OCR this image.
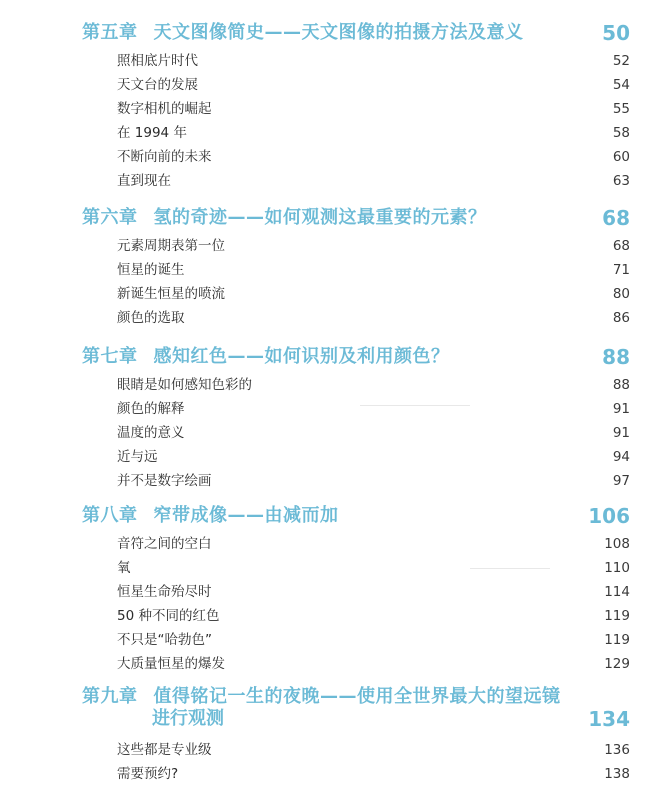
第五章 天文图像简史——天文图像的拍摄方法及意义	50
照相底片时代	52
天文台的发展	54
数字相机的崛起	55
在 1994 年	58
不断向前的未来	60
直到现在	63
第六章 氢的奇迹——如何观测这最重要的元素？	68
元素周期表第一位	68
恒星的诞生	71
新诞生恒星的喷流	80
颜色的选取	86
第七章 感知红色——如何识别及利用颜色？	88
眼睛是如何感知色彩的	88
颜色的解释	91
温度的意义	91
近与远	94
并不是数字绘画	97
第八章 窄带成像——由减而加	106
音符之间的空白	108
氧	110
恒星生命殆尽时	114
50 种不同的红色	119
不只是“哈勃色”	119
大质量恒星的爆发	129
第九章 值得铭记一生的夜晚——使用全世界最大的望远镜
进行观测	134
这些都是专业级	136
需要预约?	138
